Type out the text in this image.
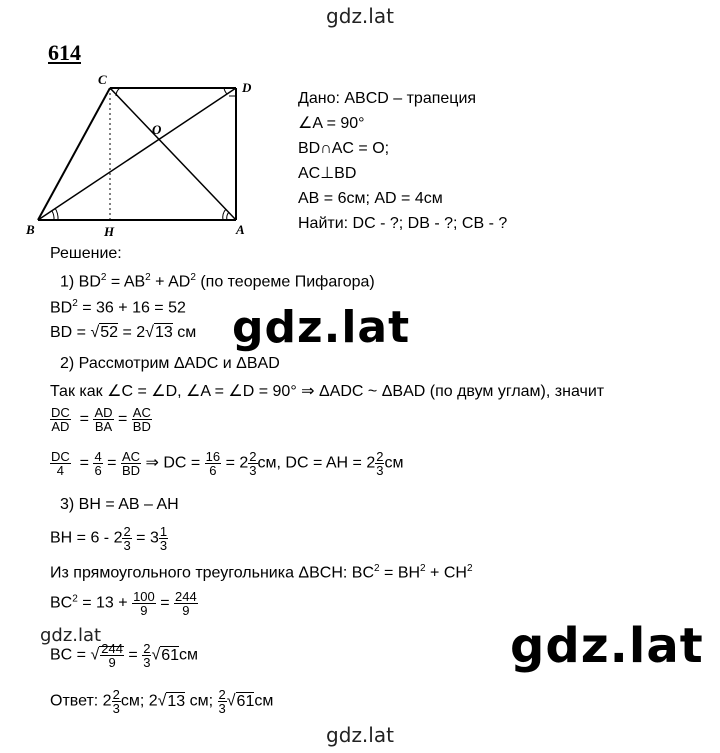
gdz.lat
614
C
D
O
B	H	A
Дано: ABCD – трапеция
∠A = 90°
BD∩AC = O;
AC⊥BD
AB = 6см; AD = 4см
Найти: DC - ?; DB - ?; CB - ?
Решение:
1) $BD^2 = AB^2 + AD^2$ (по теореме Пифагора)
$BD^2 = 36 + 16 = 52$
BD = √52 = 2√13 см gdz.lat
2) Рассмотрим ΔADC и ΔBAD
Так как ∠C = ∠D, ∠A = ∠D = 90° ⇒ ΔADC ~ ΔBAD (по двум углам), значит
$\frac{DC}{AD} = \frac{AD}{BA} = \frac{AC}{BD}$
$\frac{DC}{4} = \frac{4}{6} = \frac{AC}{BD}$ ⇒ DC = $\frac{16}{6} = 2 \frac{2}{3}$ см, DC = AH = $2 \frac{2}{3}$ см
3) BH = AB – AH
BH = $6 - 2 \frac{2}{3} = 3 \frac{1}{3}$
Из прямоугольного треугольника ΔBCH: $BC^2 = BH^2 + CH^2$
$BC^2 = 13 + \frac{100}{9} = \frac{244}{9}$
gdz.lat
BC = √ $\frac{244}{9} = \frac{2}{3} √61см$	gdz.lat
Ответ: $2 \frac{2}{3}$ см; 2√13 см; $\frac{2}{3} √61см$
gdz.lat
